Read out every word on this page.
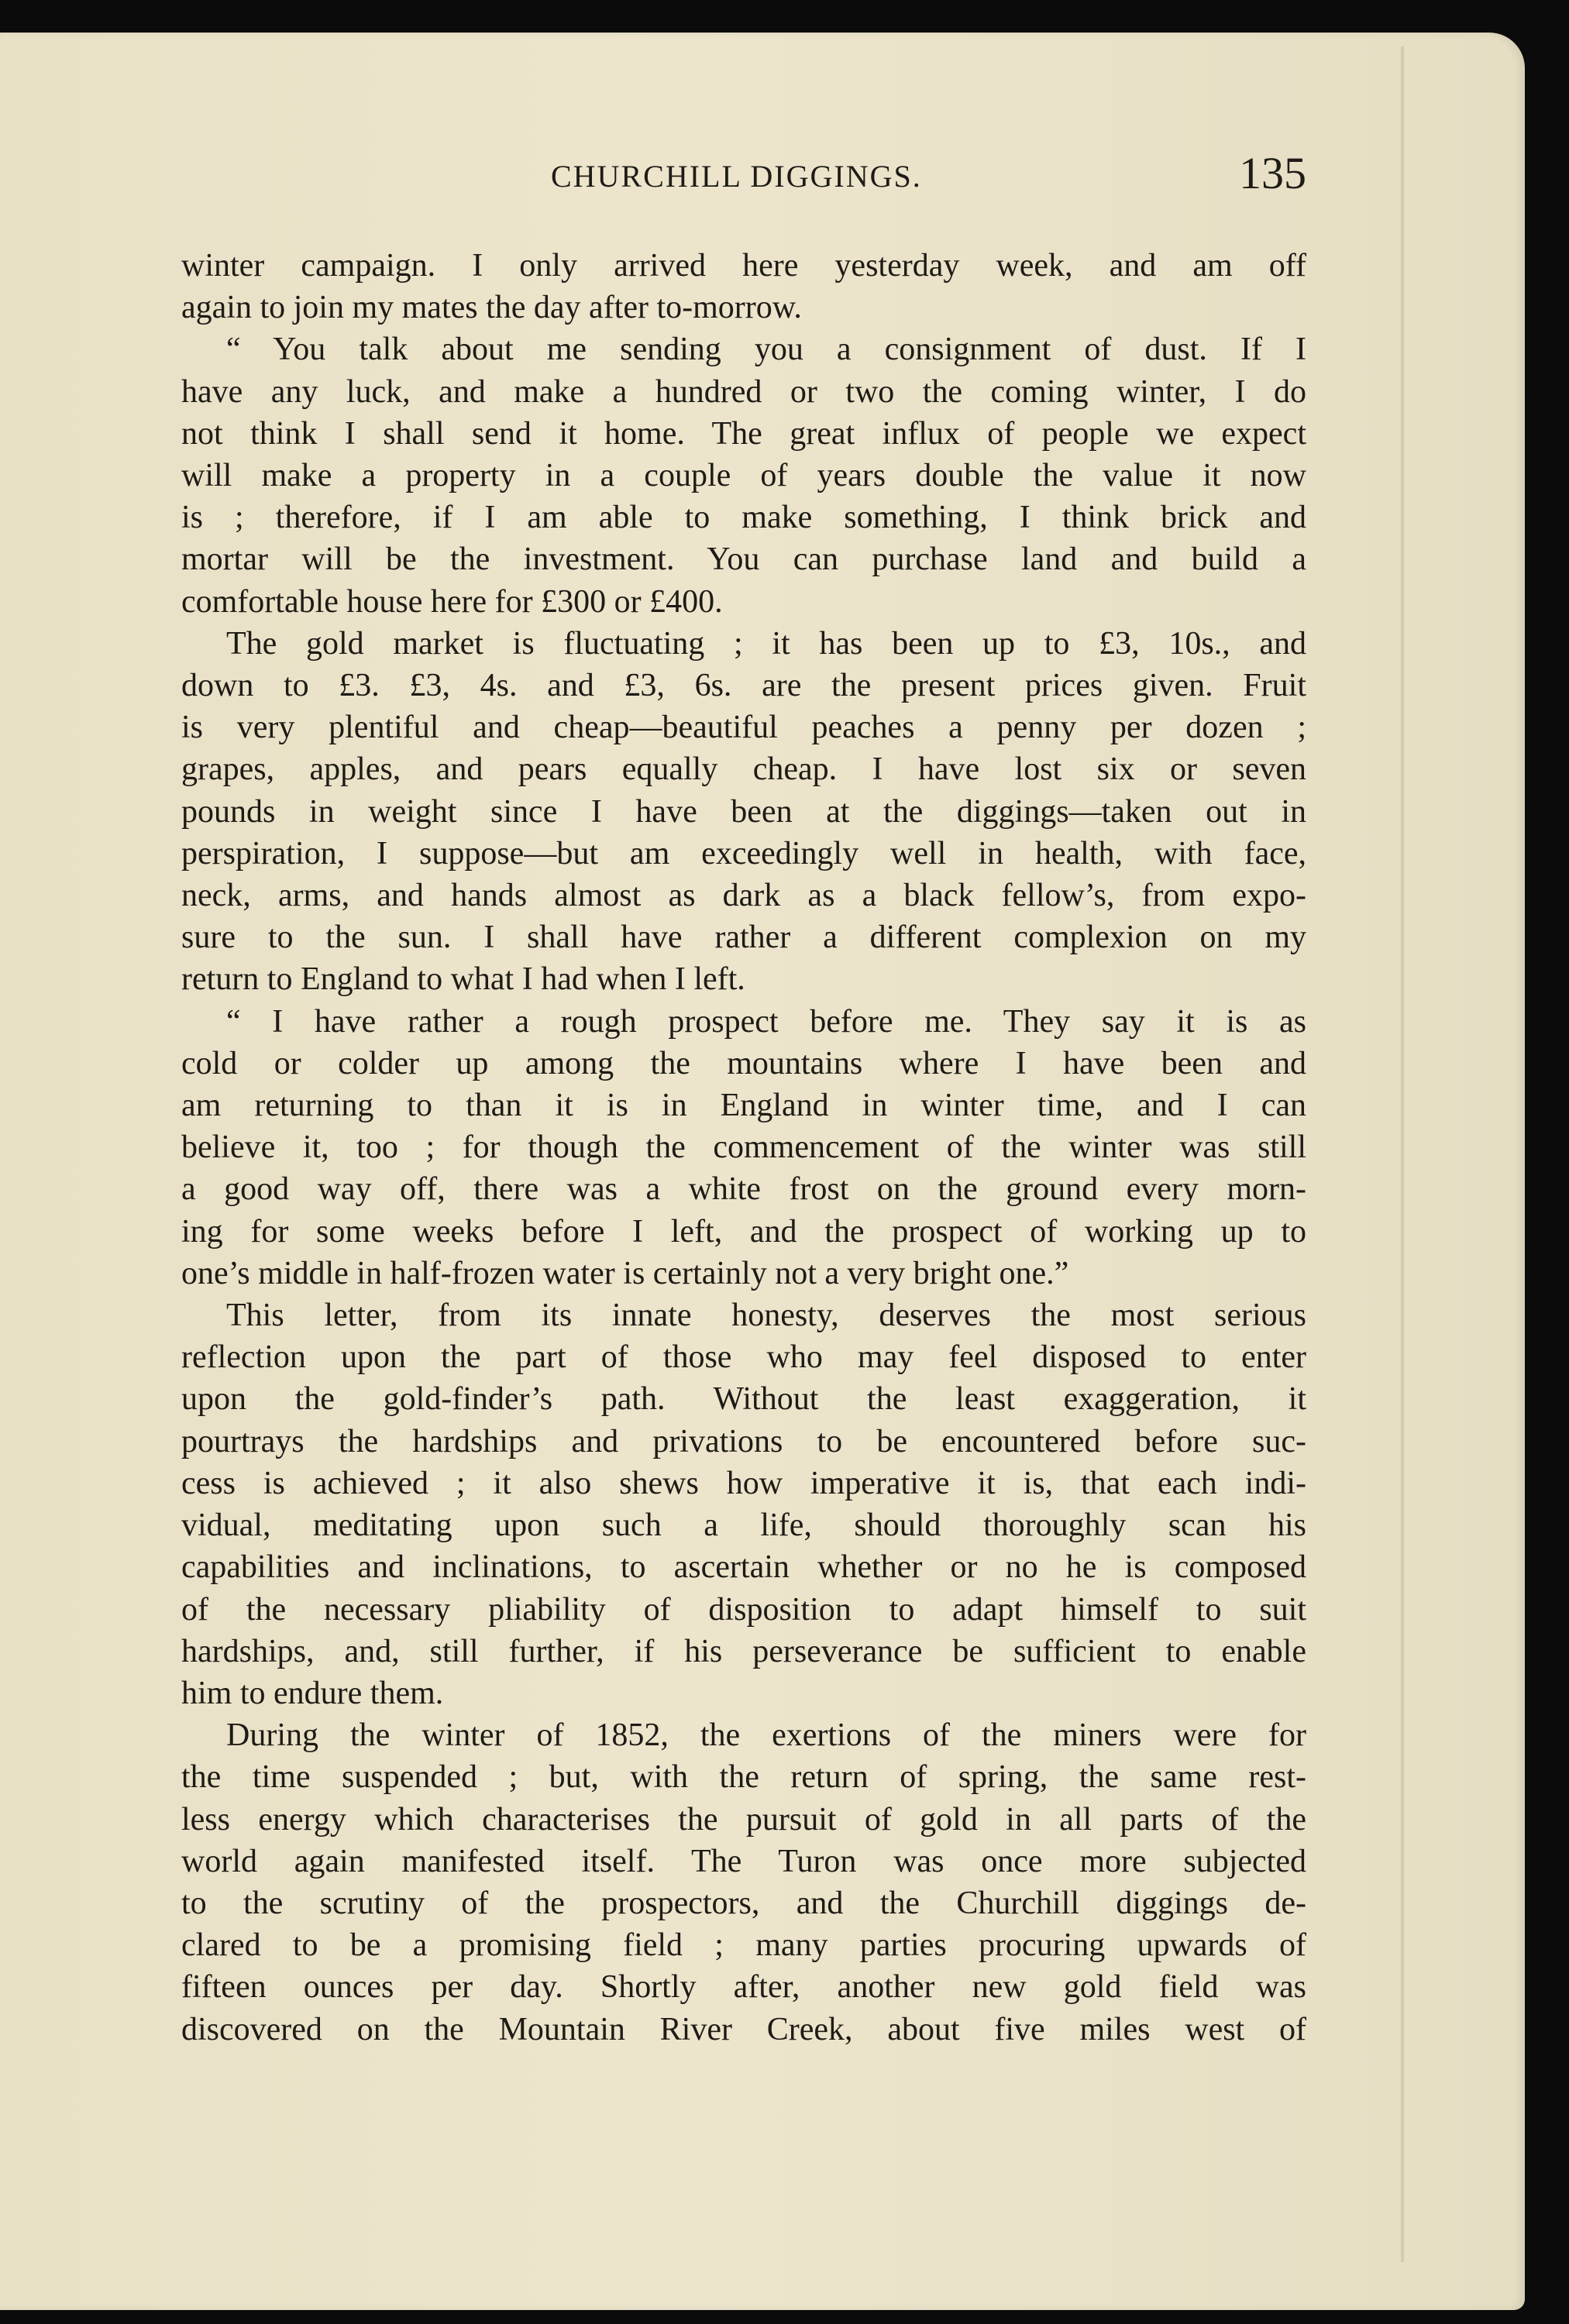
CHURCHILL DIGGINGS.	135
winter campaign. I only arrived here yesterday week, and am off
again to join my mates the day after to-morrow.
“ You talk about me sending you a consignment of dust. If I
have any luck, and make a hundred or two the coming winter, I do
not think I shall send it home. The great influx of people we expect
will make a property in a couple of years double the value it now
is ; therefore, if I am able to make something, I think brick and
mortar will be the investment. You can purchase land and build a
comfortable house here for £300 or £400.
The gold market is fluctuating ; it has been up to £3, 10s., and
down to £3. £3, 4s. and £3, 6s. are the present prices given. Fruit
is very plentiful and cheap—beautiful peaches a penny per dozen ;
grapes, apples, and pears equally cheap. I have lost six or seven
pounds in weight since I have been at the diggings—taken out in
perspiration, I suppose—but am exceedingly well in health, with face,
neck, arms, and hands almost as dark as a black fellow’s, from expo-
sure to the sun. I shall have rather a different complexion on my
return to England to what I had when I left.
“ I have rather a rough prospect before me. They say it is as
cold or colder up among the mountains where I have been and
am returning to than it is in England in winter time, and I can
believe it, too ; for though the commencement of the winter was still
a good way off, there was a white frost on the ground every morn-
ing for some weeks before I left, and the prospect of working up to
one’s middle in half-frozen water is certainly not a very bright one.”
This letter, from its innate honesty, deserves the most serious
reflection upon the part of those who may feel disposed to enter
upon the gold-finder’s path. Without the least exaggeration, it
pourtrays the hardships and privations to be encountered before suc-
cess is achieved ; it also shews how imperative it is, that each indi-
vidual, meditating upon such a life, should thoroughly scan his
capabilities and inclinations, to ascertain whether or no he is composed
of the necessary pliability of disposition to adapt himself to suit
hardships, and, still further, if his perseverance be sufficient to enable
him to endure them.
During the winter of 1852, the exertions of the miners were for
the time suspended ; but, with the return of spring, the same rest-
less energy which characterises the pursuit of gold in all parts of the
world again manifested itself. The Turon was once more subjected
to the scrutiny of the prospectors, and the Churchill diggings de-
clared to be a promising field ; many parties procuring upwards of
fifteen ounces per day. Shortly after, another new gold field was
discovered on the Mountain River Creek, about five miles west of
